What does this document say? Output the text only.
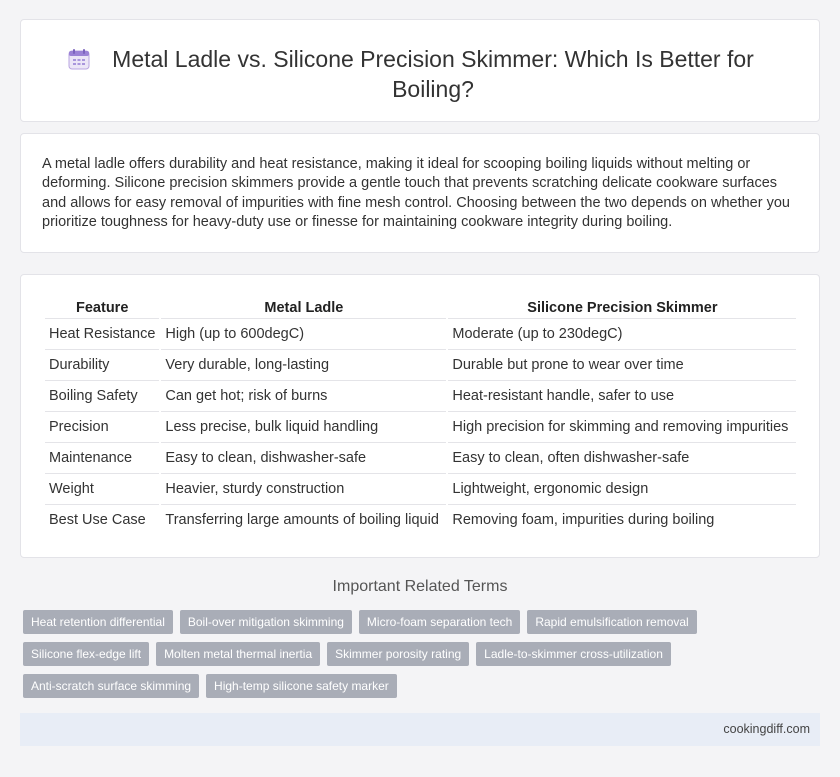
Metal Ladle vs. Silicone Precision Skimmer: Which Is Better for Boiling?

A metal ladle offers durability and heat resistance, making it ideal for scooping boiling liquids without melting or deforming. Silicone precision skimmers provide a gentle touch that prevents scratching delicate cookware surfaces and allows for easy removal of impurities with fine mesh control. Choosing between the two depends on whether you prioritize toughness for heavy-duty use or finesse for maintaining cookware integrity during boiling.

Feature	Metal Ladle	Silicone Precision Skimmer
Heat Resistance	High (up to 600degC)	Moderate (up to 230degC)
Durability	Very durable, long-lasting	Durable but prone to wear over time
Boiling Safety	Can get hot; risk of burns	Heat-resistant handle, safer to use
Precision	Less precise, bulk liquid handling	High precision for skimming and removing impurities
Maintenance	Easy to clean, dishwasher-safe	Easy to clean, often dishwasher-safe
Weight	Heavier, sturdy construction	Lightweight, ergonomic design
Best Use Case	Transferring large amounts of boiling liquid	Removing foam, impurities during boiling
Important Related Terms
Heat retention differential	Boil-over mitigation skimming	Micro-foam separation tech	Rapid emulsification removal
Silicone flex-edge lift	Molten metal thermal inertia	Skimmer porosity rating	Ladle-to-skimmer cross-utilization
Anti-scratch surface skimming	High-temp silicone safety marker
cookingdiff.com
